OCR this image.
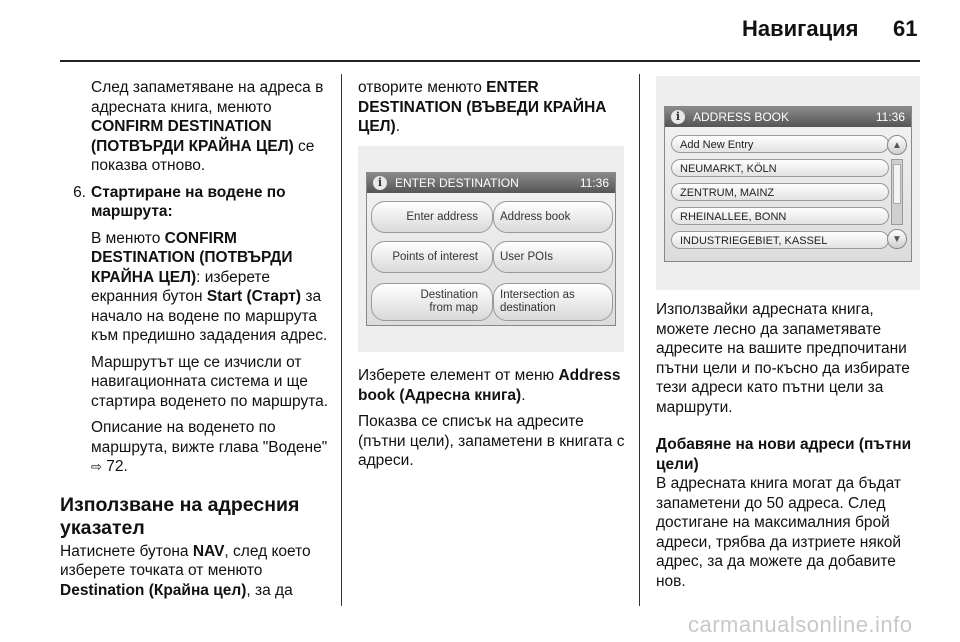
Навигация 61

След запаметяване на адреса в адресната книга, менюто CONFIRM DESTINATION (ПОТВЪРДИ КРАЙНА ЦЕЛ) се показва отново.

6. Стартиране на водене по маршрута:

В менюто CONFIRM DESTINATION (ПОТВЪРДИ КРАЙНА ЦЕЛ): изберете екранния бутон Start (Старт) за начало на водене по маршрута към предишно зададения адрес.

Маршрутът ще се изчисли от навигационната система и ще стартира воденето по маршрута.

Описание на воденето по маршрута, вижте глава "Водене" ⇨ 72.

Използване на адресния указател

Натиснете бутона NAV, след което изберете точката от менюто Destination (Крайна цел), за да

отворите менюто ENTER DESTINATION (ВЪВЕДИ КРАЙНА ЦЕЛ).

i	ENTER DESTINATION	11:36
Enter address Address book
Points of interest User POIs
Destination
from map
Intersection as
destination

Изберете елемент от меню Address book (Адресна книга).

Показва се списък на адресите (пътни цели), запаметени в книгата с адреси.

i	ADDRESS BOOK	11:36
Add New Entry
NEUMARKT, KÖLN
ZENTRUM, MAINZ
RHEINALLEE, BONN
INDUSTRIEGEBIET, KASSEL
▲
▼

Използвайки адресната книга, можете лесно да запаметявате адресите на вашите предпочитани пътни цели и по-късно да избирате тези адреси като пътни цели за маршрути.

Добавяне на нови адреси (пътни цели)

В адресната книга могат да бъдат запаметени до 50 адреса. След достигане на максималния брой адреси, трябва да изтриете някой адрес, за да можете да добавите нов.

carmanualsonline.info
